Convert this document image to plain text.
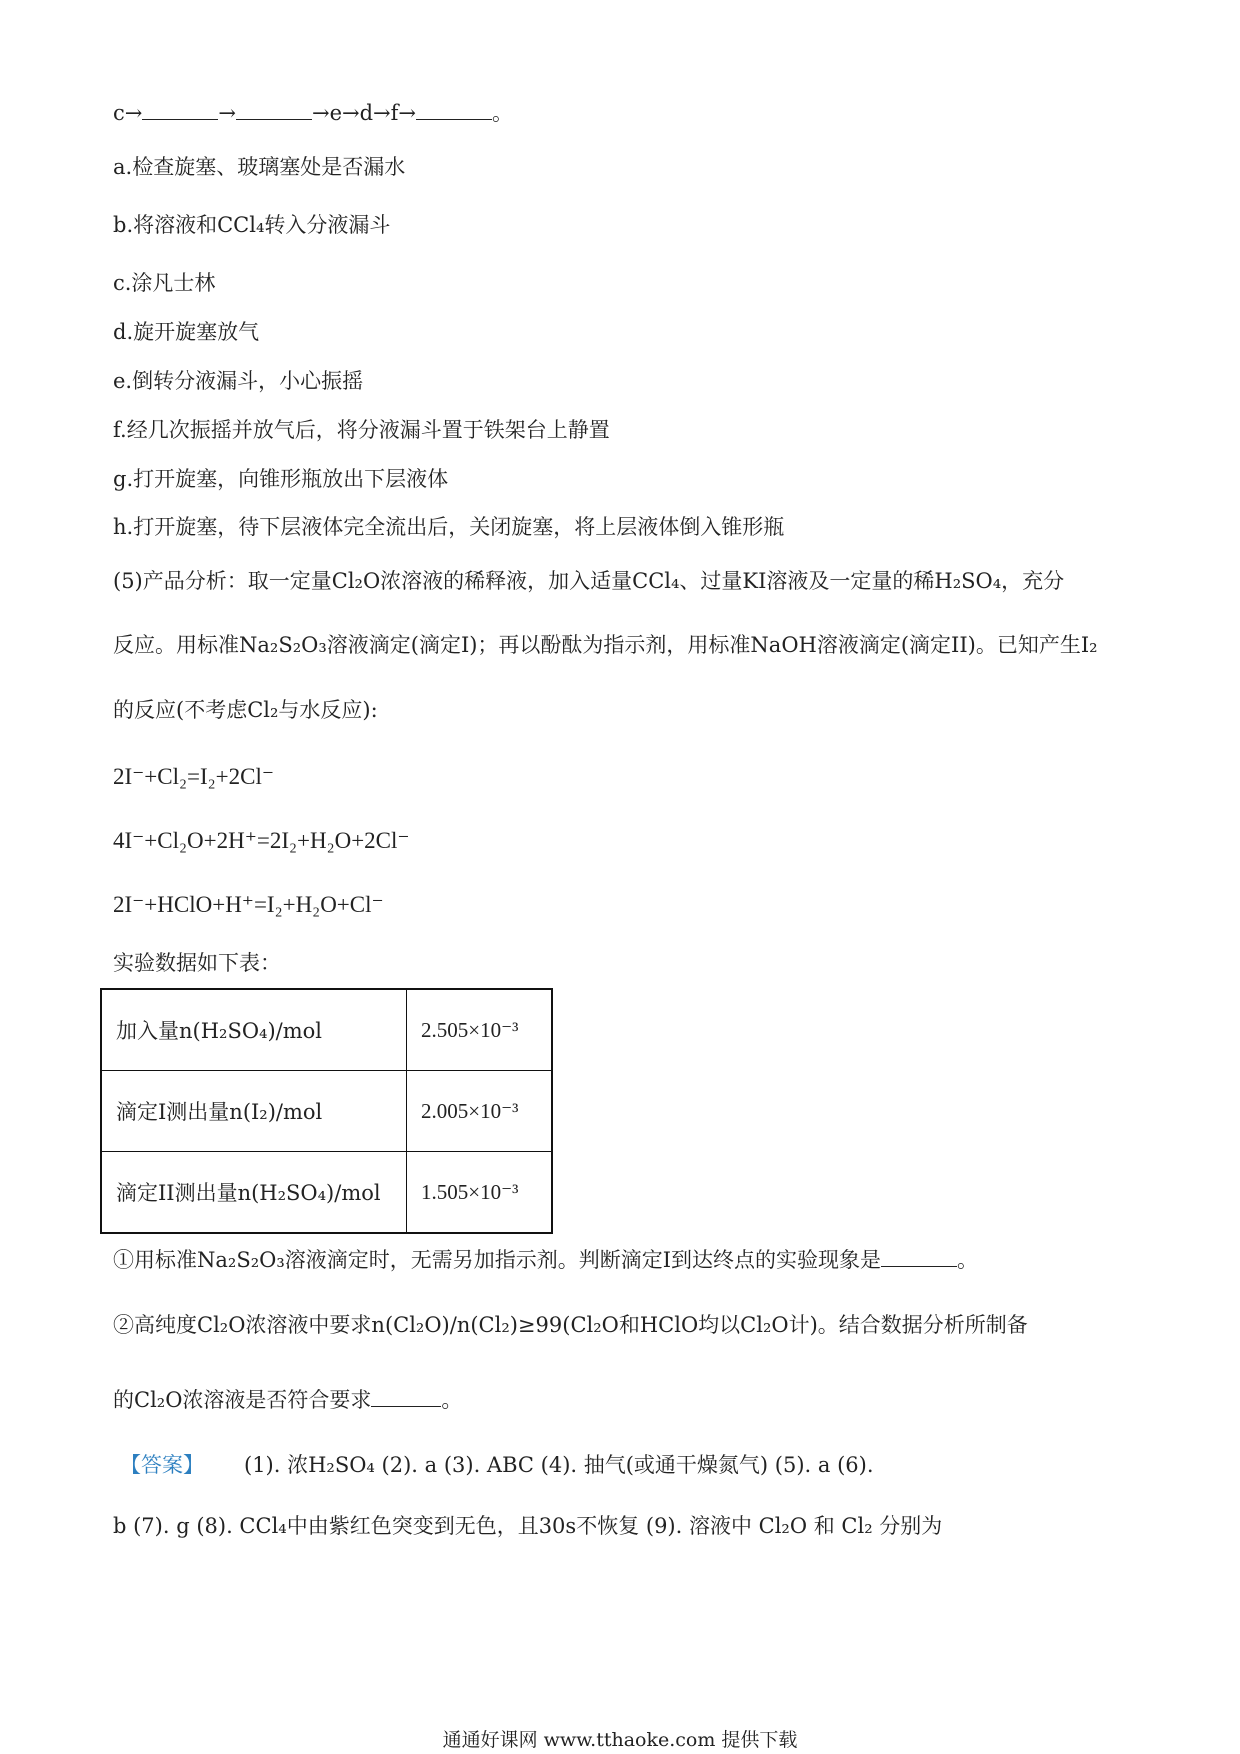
c→	→	→e→d→f→	。
a.检查旋塞、玻璃塞处是否漏水
b.将溶液和CCl₄转入分液漏斗
c.涂凡士林
d.旋开旋塞放气
e.倒转分液漏斗，小心振摇
f.经几次振摇并放气后，将分液漏斗置于铁架台上静置
g.打开旋塞，向锥形瓶放出下层液体
h.打开旋塞，待下层液体完全流出后，关闭旋塞，将上层液体倒入锥形瓶
(5)产品分析：取一定量Cl₂O浓溶液的稀释液，加入适量CCl₄、过量KI溶液及一定量的稀H₂SO₄，充分
反应。用标准Na₂S₂O₃溶液滴定(滴定I)；再以酚酞为指示剂，用标准NaOH溶液滴定(滴定II)。已知产生I₂
的反应(不考虑Cl₂与水反应):
2I⁻+Cl₂=I₂+2Cl⁻
4I⁻+Cl₂O+2H⁺=2I₂+H₂O+2Cl⁻
2I⁻+HClO+H⁺=I₂+H₂O+Cl⁻
实验数据如下表：
加入量n(H₂SO₄)/mol	2.505×10⁻³
滴定I测出量n(I₂)/mol	2.005×10⁻³
滴定II测出量n(H₂SO₄)/mol	1.505×10⁻³
①用标准Na₂S₂O₃溶液滴定时，无需另加指示剂。判断滴定I到达终点的实验现象是	。
②高纯度Cl₂O浓溶液中要求n(Cl₂O)/n(Cl₂)≥99(Cl₂O和HClO均以Cl₂O计)。结合数据分析所制备
的Cl₂O浓溶液是否符合要求	。
【答案】 (1). 浓H₂SO₄ (2). a (3). ABC (4). 抽气(或通干燥氮气) (5). a (6).
b (7). g (8). CCl₄中由紫红色突变到无色，且30s不恢复 (9). 溶液中 Cl₂O 和 Cl₂ 分别为
通通好课网 www.tthaoke.com 提供下载
